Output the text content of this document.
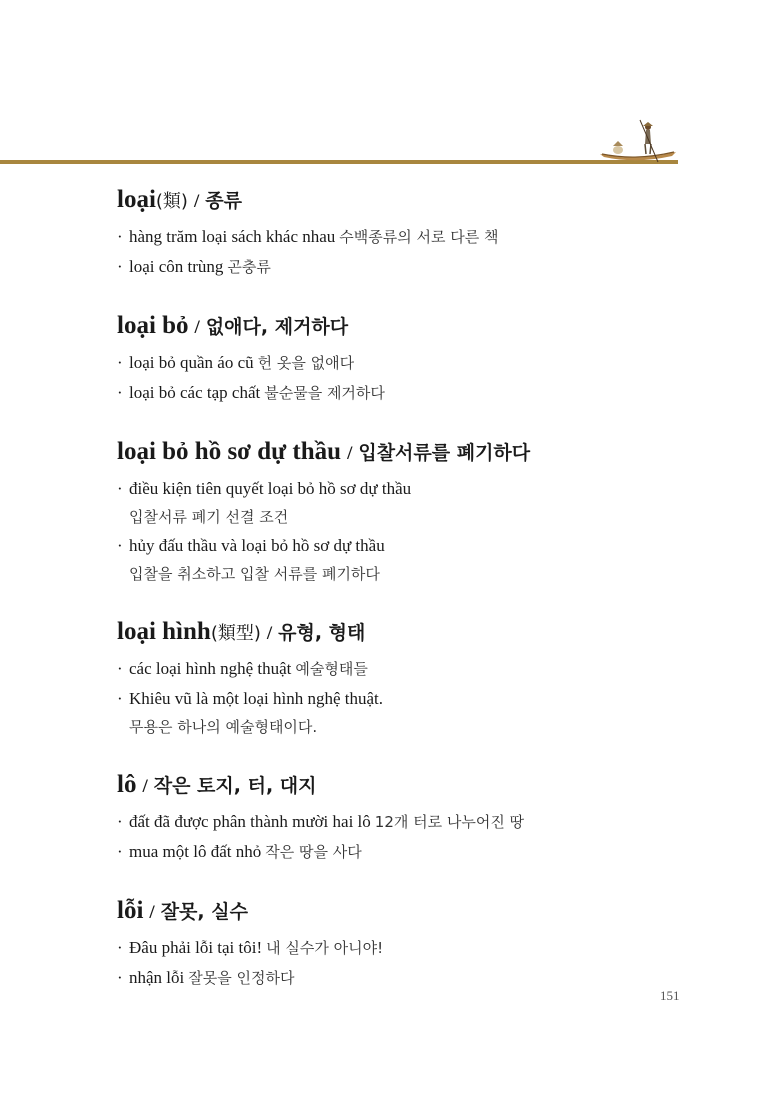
loại (類) / 종류
· hàng trăm loại sách khác nhau 수백종류의 서로 다른 책
· loại côn trùng 곤충류
loại bỏ / 없애다, 제거하다
· loại bỏ quần áo cũ 헌 옷을 없애다
· loại bỏ các tạp chất 불순물을 제거하다
loại bỏ hồ sơ dự thầu / 입찰서류를 폐기하다
· điều kiện tiên quyết loại bỏ hồ sơ dự thầu
입찰서류 폐기 선결 조건
· hủy đấu thầu và loại bỏ hồ sơ dự thầu
입찰을 취소하고 입찰 서류를 폐기하다
loại hình (類型) / 유형, 형태
· các loại hình nghệ thuật 예술형태들
· Khiêu vũ là một loại hình nghệ thuật.
무용은 하나의 예술형태이다.
lô / 작은 토지, 터, 대지
· đất đã được phân thành mười hai lô 12개 터로 나누어진 땅
· mua một lô đất nhỏ 작은 땅을 사다
lỗi / 잘못, 실수
· Đâu phải lỗi tại tôi! 내 실수가 아니야!
· nhận lỗi 잘못을 인정하다
151
